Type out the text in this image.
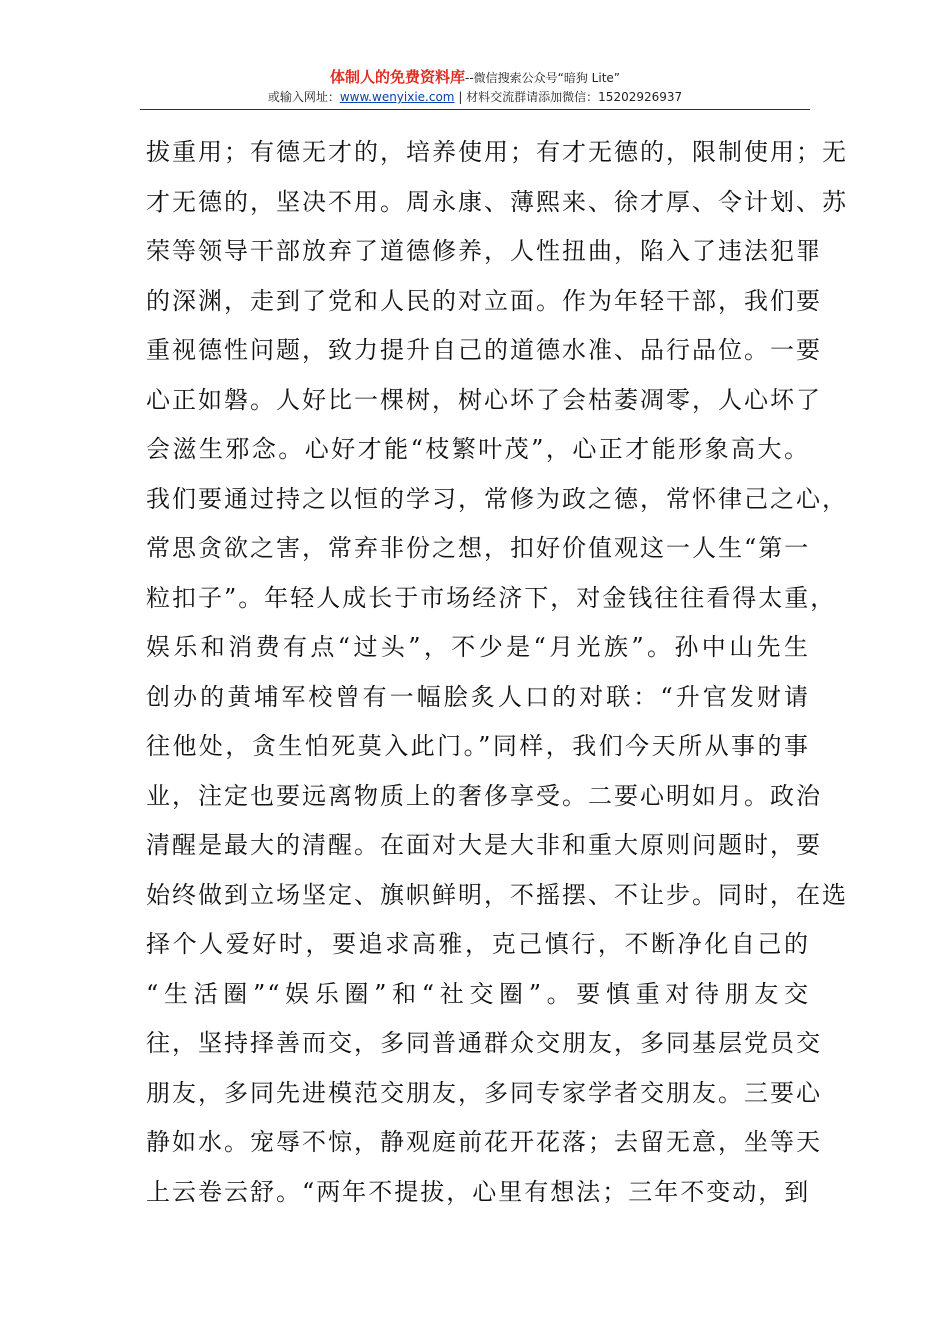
体制人的免费资料库--微信搜索公众号“暗狗 Lite”
或输入网址：www.wenyixie.com | 材料交流群请添加微信：15202926937
拔重用；有德无才的，培养使用；有才无德的，限制使用；无
才无德的，坚决不用。周永康、薄熙来、徐才厚、令计划、苏
荣等领导干部放弃了道德修养，人性扭曲，陷入了违法犯罪
的深渊，走到了党和人民的对立面。作为年轻干部，我们要
重视德性问题，致力提升自己的道德水准、品行品位。一要
心正如磐。人好比一棵树，树心坏了会枯萎凋零，人心坏了
会滋生邪念。心好才能“枝繁叶茂”，心正才能形象高大。
我们要通过持之以恒的学习，常修为政之德，常怀律己之心，
常思贪欲之害，常弃非份之想，扣好价值观这一人生“第一
粒扣子”。年轻人成长于市场经济下，对金钱往往看得太重，
娱乐和消费有点“过头”，不少是“月光族”。孙中山先生
创办的黄埔军校曾有一幅脍炙人口的对联：“升官发财请
往他处，贪生怕死莫入此门。”同样，我们今天所从事的事
业，注定也要远离物质上的奢侈享受。二要心明如月。政治
清醒是最大的清醒。在面对大是大非和重大原则问题时，要
始终做到立场坚定、旗帜鲜明，不摇摆、不让步。同时，在选
择个人爱好时，要追求高雅，克己慎行，不断净化自己的
“生活圈”“娱乐圈”和“社交圈”。要慎重对待朋友交
往，坚持择善而交，多同普通群众交朋友，多同基层党员交
朋友，多同先进模范交朋友，多同专家学者交朋友。三要心
静如水。宠辱不惊，静观庭前花开花落；去留无意，坐等天
上云卷云舒。“两年不提拔，心里有想法；三年不变动，到
